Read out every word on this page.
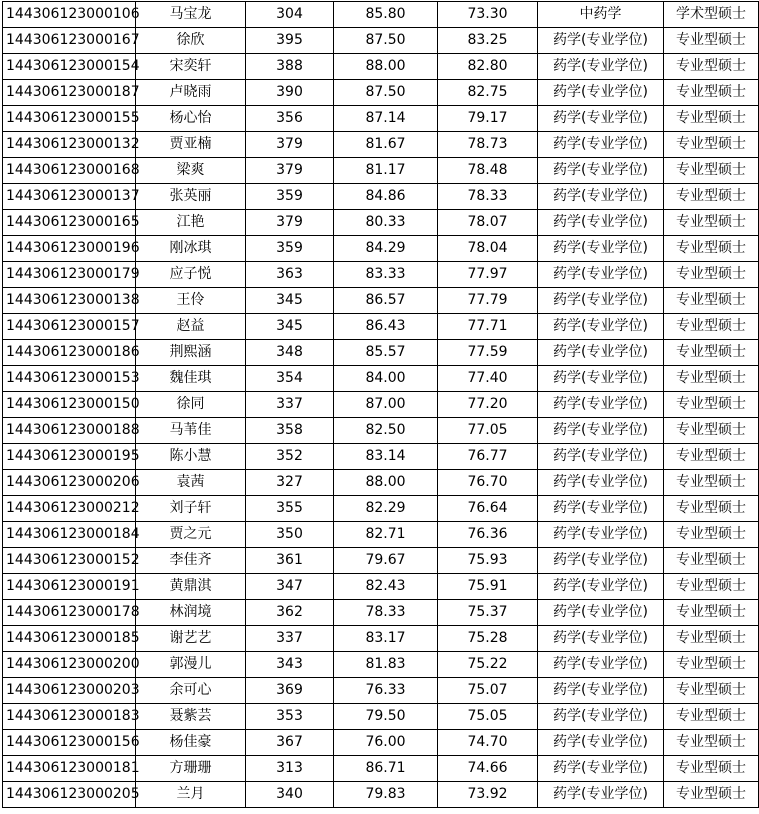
144306123000106	马宝龙	304	85.80	73.30	中药学	学术型硕士
144306123000167	徐欣	395	87.50	83.25	药学(专业学位)	专业型硕士
144306123000154	宋奕轩	388	88.00	82.80	药学(专业学位)	专业型硕士
144306123000187	卢晓雨	390	87.50	82.75	药学(专业学位)	专业型硕士
144306123000155	杨心怡	356	87.14	79.17	药学(专业学位)	专业型硕士
144306123000132	贾亚楠	379	81.67	78.73	药学(专业学位)	专业型硕士
144306123000168	梁爽	379	81.17	78.48	药学(专业学位)	专业型硕士
144306123000137	张英丽	359	84.86	78.33	药学(专业学位)	专业型硕士
144306123000165	江艳	379	80.33	78.07	药学(专业学位)	专业型硕士
144306123000196	刚冰琪	359	84.29	78.04	药学(专业学位)	专业型硕士
144306123000179	应子悦	363	83.33	77.97	药学(专业学位)	专业型硕士
144306123000138	王伶	345	86.57	77.79	药学(专业学位)	专业型硕士
144306123000157	赵益	345	86.43	77.71	药学(专业学位)	专业型硕士
144306123000186	荆熙涵	348	85.57	77.59	药学(专业学位)	专业型硕士
144306123000153	魏佳琪	354	84.00	77.40	药学(专业学位)	专业型硕士
144306123000150	徐同	337	87.00	77.20	药学(专业学位)	专业型硕士
144306123000188	马苇佳	358	82.50	77.05	药学(专业学位)	专业型硕士
144306123000195	陈小慧	352	83.14	76.77	药学(专业学位)	专业型硕士
144306123000206	袁茜	327	88.00	76.70	药学(专业学位)	专业型硕士
144306123000212	刘子轩	355	82.29	76.64	药学(专业学位)	专业型硕士
144306123000184	贾之元	350	82.71	76.36	药学(专业学位)	专业型硕士
144306123000152	李佳齐	361	79.67	75.93	药学(专业学位)	专业型硕士
144306123000191	黄鼎淇	347	82.43	75.91	药学(专业学位)	专业型硕士
144306123000178	林润境	362	78.33	75.37	药学(专业学位)	专业型硕士
144306123000185	谢艺艺	337	83.17	75.28	药学(专业学位)	专业型硕士
144306123000200	郭漫儿	343	81.83	75.22	药学(专业学位)	专业型硕士
144306123000203	余可心	369	76.33	75.07	药学(专业学位)	专业型硕士
144306123000183	聂紫芸	353	79.50	75.05	药学(专业学位)	专业型硕士
144306123000156	杨佳豪	367	76.00	74.70	药学(专业学位)	专业型硕士
144306123000181	方珊珊	313	86.71	74.66	药学(专业学位)	专业型硕士
144306123000205	兰月	340	79.83	73.92	药学(专业学位)	专业型硕士
